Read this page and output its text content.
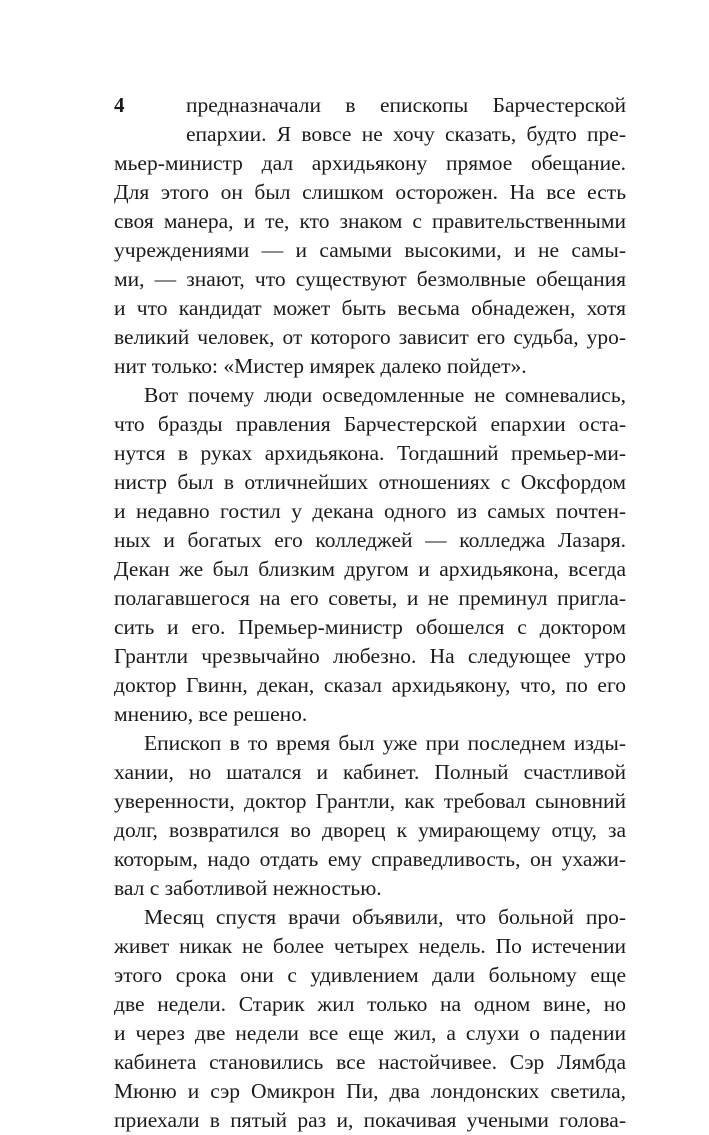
4	предназначали в епископы Барчестерской
епархии. Я вовсе не хочу сказать, будто пре-
мьер-министр дал архидьякону прямое обещание.
Для этого он был слишком осторожен. На все есть
своя манера, и те, кто знаком с правительственными
учреждениями — и самыми высокими, и не самы-
ми, — знают, что существуют безмолвные обещания
и что кандидат может быть весьма обнадежен, хотя
великий человек, от которого зависит его судьба, уро-
нит только: «Мистер имярек далеко пойдет».
Вот почему люди осведомленные не сомневались,
что бразды правления Барчестерской епархии оста-
нутся в руках архидьякона. Тогдашний премьер-ми-
нистр был в отличнейших отношениях с Оксфордом
и недавно гостил у декана одного из самых почтен-
ных и богатых его колледжей — колледжа Лазаря.
Декан же был близким другом и архидьякона, всегда
полагавшегося на его советы, и не преминул пригла-
сить и его. Премьер-министр обошелся с доктором
Грантли чрезвычайно любезно. На следующее утро
доктор Гвинн, декан, сказал архидьякону, что, по его
мнению, все решено.
Епископ в то время был уже при последнем изды-
хании, но шатался и кабинет. Полный счастливой
уверенности, доктор Грантли, как требовал сыновний
долг, возвратился во дворец к умирающему отцу, за
которым, надо отдать ему справедливость, он ухажи-
вал с заботливой нежностью.
Месяц спустя врачи объявили, что больной про-
живет никак не более четырех недель. По истечении
этого срока они с удивлением дали больному еще
две недели. Старик жил только на одном вине, но
и через две недели все еще жил, а слухи о падении
кабинета становились все настойчивее. Сэр Лямбда
Мюню и сэр Омикрон Пи, два лондонских светила,
приехали в пятый раз и, покачивая учеными голова-
